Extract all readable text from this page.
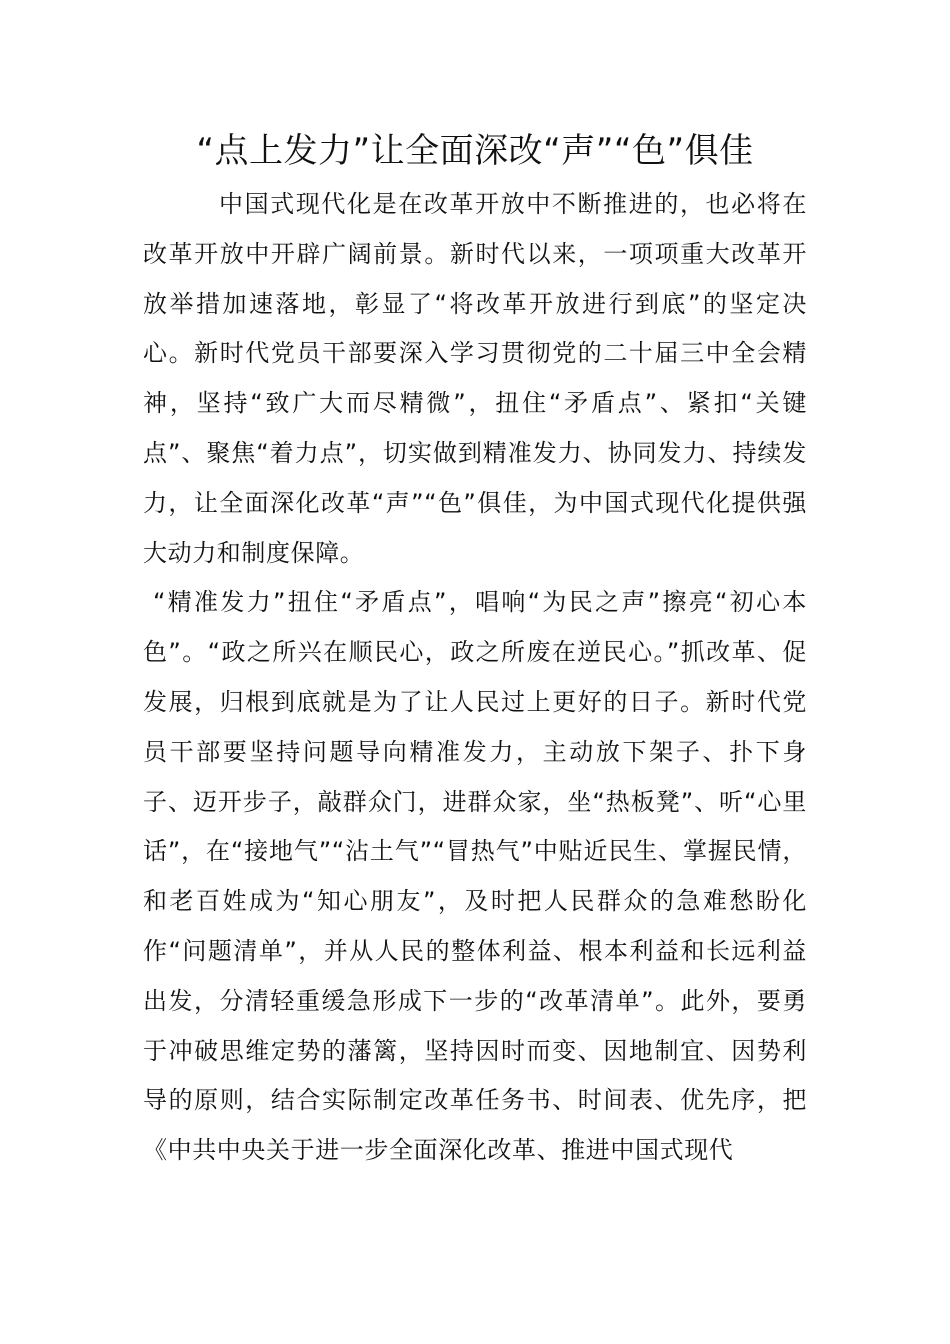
“点上发力”让全面深改“声”“色”俱佳

中国式现代化是在改革开放中不断推进的，也必将在改革开放中开辟广阔前景。新时代以来，一项项重大改革开放举措加速落地，彰显了“将改革开放进行到底”的坚定决心。新时代党员干部要深入学习贯彻党的二十届三中全会精神，坚持“致广大而尽精微”，扭住“矛盾点”、紧扣“关键点”、聚焦“着力点”，切实做到精准发力、协同发力、持续发力，让全面深化改革“声”“色”俱佳，为中国式现代化提供强大动力和制度保障。

“精准发力”扭住“矛盾点”，唱响“为民之声”擦亮“初心本色”。“政之所兴在顺民心，政之所废在逆民心。”抓改革、促发展，归根到底就是为了让人民过上更好的日子。新时代党员干部要坚持问题导向精准发力，主动放下架子、扑下身子、迈开步子，敲群众门，进群众家，坐“热板凳”、听“心里话”，在“接地气”“沾土气”“冒热气”中贴近民生、掌握民情，和老百姓成为“知心朋友”，及时把人民群众的急难愁盼化作“问题清单”，并从人民的整体利益、根本利益和长远利益出发，分清轻重缓急形成下一步的“改革清单”。此外，要勇于冲破思维定势的藩篱，坚持因时而变、因地制宜、因势利导的原则，结合实际制定改革任务书、时间表、优先序，把《中共中央关于进一步全面深化改革、推进中国式现代
